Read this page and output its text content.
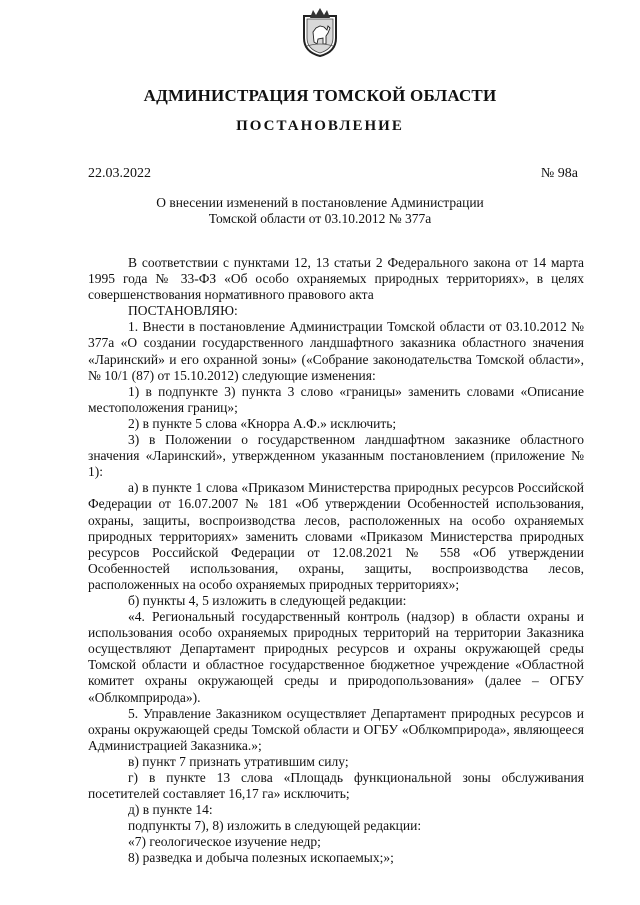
АДМИНИСТРАЦИЯ ТОМСКОЙ ОБЛАСТИ
ПОСТАНОВЛЕНИЕ
22.03.2022	№ 98а
О внесении изменений в постановление Администрации
Томской области от 03.10.2012 № 377а

В соответствии с пунктами 12, 13 статьи 2 Федерального закона от 14 марта 1995 года № 33-ФЗ «Об особо охраняемых природных территориях», в целях совершенствования нормативного правового акта

ПОСТАНОВЛЯЮ:

1. Внести в постановление Администрации Томской области от 03.10.2012 № 377а «О создании государственного ландшафтного заказника областного значения «Ларинский» и его охранной зоны» («Собрание законодательства Томской области», № 10/1 (87) от 15.10.2012) следующие изменения:

1) в подпункте 3) пункта 3 слово «границы» заменить словами «Описание местоположения границ»;

2) в пункте 5 слова «Кнорра А.Ф.» исключить;

3) в Положении о государственном ландшафтном заказнике областного значения «Ларинский», утвержденном указанным постановлением (приложение № 1):

а) в пункте 1 слова «Приказом Министерства природных ресурсов Российской Федерации от 16.07.2007 № 181 «Об утверждении Особенностей использования, охраны, защиты, воспроизводства лесов, расположенных на особо охраняемых природных территориях» заменить словами «Приказом Министерства природных ресурсов Российской Федерации от 12.08.2021 № 558 «Об утверждении Особенностей использования, охраны, защиты, воспроизводства лесов, расположенных на особо охраняемых природных территориях»;

б) пункты 4, 5 изложить в следующей редакции:

«4. Региональный государственный контроль (надзор) в области охраны и использования особо охраняемых природных территорий на территории Заказника осуществляют Департамент природных ресурсов и охраны окружающей среды Томской области и областное государственное бюджетное учреждение «Областной комитет охраны окружающей среды и природопользования» (далее – ОГБУ «Облкомприрода»).

5. Управление Заказником осуществляет Департамент природных ресурсов и охраны окружающей среды Томской области и ОГБУ «Облкомприрода», являющееся Администрацией Заказника.»;

в) пункт 7 признать утратившим силу;

г) в пункте 13 слова «Площадь функциональной зоны обслуживания посетителей составляет 16,17 га» исключить;

д) в пункте 14:

подпункты 7), 8) изложить в следующей редакции:

«7) геологическое изучение недр;

8) разведка и добыча полезных ископаемых;»;
